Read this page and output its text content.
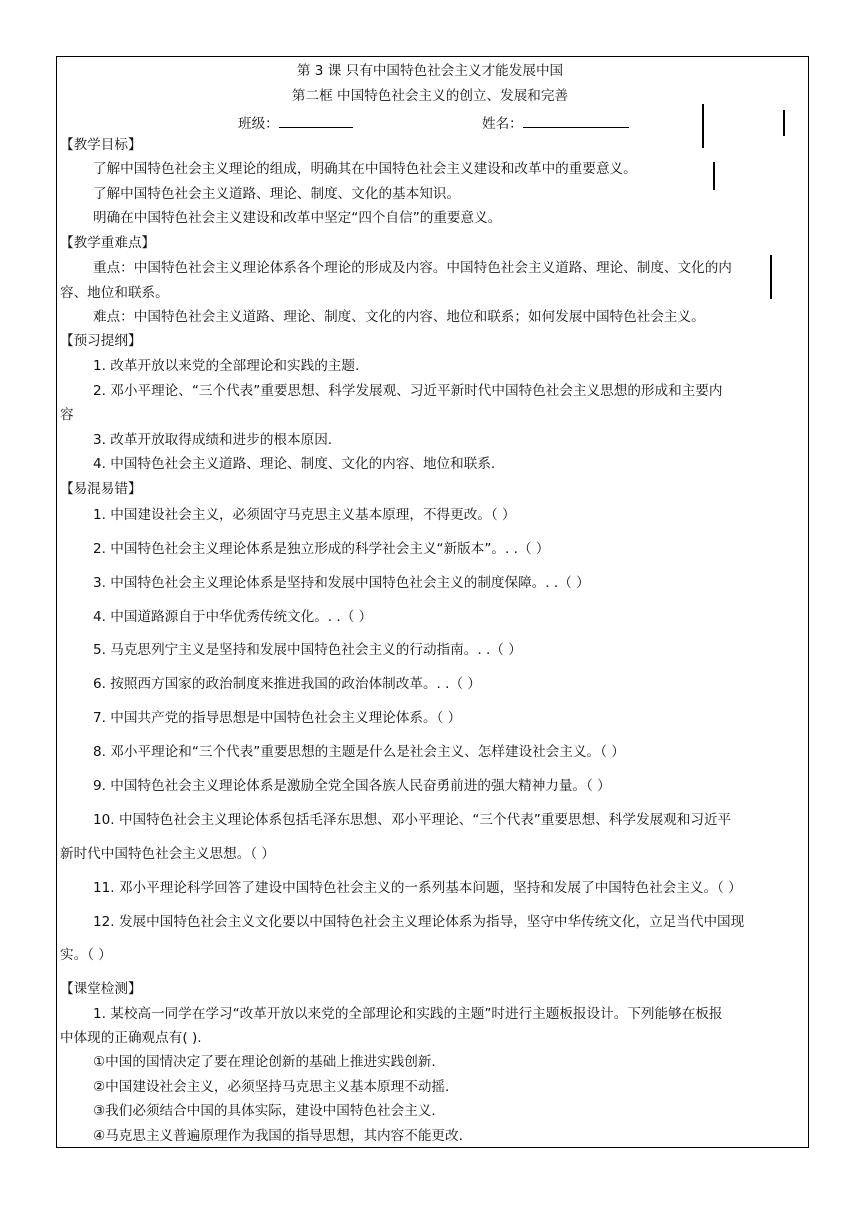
第 3 课 只有中国特色社会主义才能发展中国
第二框 中国特色社会主义的创立、发展和完善
班级：	姓名：
【教学目标】
了解中国特色社会主义理论的组成，明确其在中国特色社会主义建设和改革中的重要意义。
了解中国特色社会主义道路、理论、制度、文化的基本知识。
明确在中国特色社会主义建设和改革中坚定“四个自信”的重要意义。
【教学重难点】
重点：中国特色社会主义理论体系各个理论的形成及内容。中国特色社会主义道路、理论、制度、文化的内
容、地位和联系。
难点：中国特色社会主义道路、理论、制度、文化的内容、地位和联系；如何发展中国特色社会主义。
【预习提纲】
1. 改革开放以来党的全部理论和实践的主题.
2. 邓小平理论、“三个代表”重要思想、科学发展观、习近平新时代中国特色社会主义思想的形成和主要内
容
3. 改革开放取得成绩和进步的根本原因.
4. 中国特色社会主义道路、理论、制度、文化的内容、地位和联系.
【易混易错】
1. 中国建设社会主义，必须固守马克思主义基本原理，不得更改。（ ）
2. 中国特色社会主义理论体系是独立形成的科学社会主义“新版本”。. .（ ）
3. 中国特色社会主义理论体系是坚持和发展中国特色社会主义的制度保障。. .（ ）
4. 中国道路源自于中华优秀传统文化。. .（ ）
5. 马克思列宁主义是坚持和发展中国特色社会主义的行动指南。. .（ ）
6. 按照西方国家的政治制度来推进我国的政治体制改革。. .（ ）
7. 中国共产党的指导思想是中国特色社会主义理论体系。（ ）
8. 邓小平理论和“三个代表”重要思想的主题是什么是社会主义、怎样建设社会主义。（ ）
9. 中国特色社会主义理论体系是激励全党全国各族人民奋勇前进的强大精神力量。（ ）
10. 中国特色社会主义理论体系包括毛泽东思想、邓小平理论、“三个代表”重要思想、科学发展观和习近平
新时代中国特色社会主义思想。（ ）
11. 邓小平理论科学回答了建设中国特色社会主义的一系列基本问题，坚持和发展了中国特色社会主义。（ ）
12. 发展中国特色社会主义文化要以中国特色社会主义理论体系为指导，坚守中华传统文化，立足当代中国现
实。（ ）
【课堂检测】
1. 某校高一同学在学习“改革开放以来党的全部理论和实践的主题”时进行主题板报设计。下列能够在板报
中体现的正确观点有( ).
①中国的国情决定了要在理论创新的基础上推进实践创新.
②中国建设社会主义，必须坚持马克思主义基本原理不动摇.
③我们必须结合中国的具体实际，建设中国特色社会主义.
④马克思主义普遍原理作为我国的指导思想，其内容不能更改.
